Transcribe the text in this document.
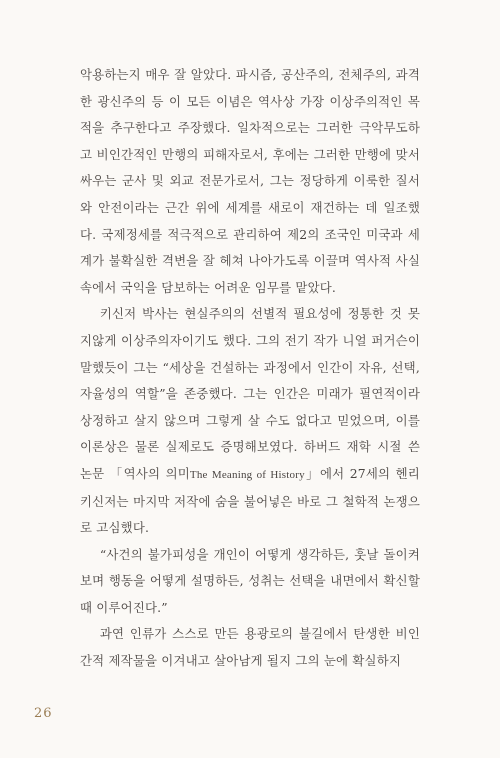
악용하는지 매우 잘 알았다. 파시즘, 공산주의, 전체주의, 과격한 광신주의 등 이 모든 이념은 역사상 가장 이상주의적인 목적을 추구한다고 주장했다. 일차적으로는 그러한 극악무도하고 비인간적인 만행의 피해자로서, 후에는 그러한 만행에 맞서 싸우는 군사 및 외교 전문가로서, 그는 정당하게 이룩한 질서와 안전이라는 근간 위에 세계를 새로이 재건하는 데 일조했다. 국제정세를 적극적으로 관리하여 제2의 조국인 미국과 세계가 불확실한 격변을 잘 헤쳐 나아가도록 이끌며 역사적 사실 속에서 국익을 담보하는 어려운 임무를 맡았다.

키신저 박사는 현실주의의 선별적 필요성에 정통한 것 못지않게 이상주의자이기도 했다. 그의 전기 작가 니얼 퍼거슨이 말했듯이 그는 “세상을 건설하는 과정에서 인간이 자유, 선택, 자율성의 역할”을 존중했다. 그는 인간은 미래가 필연적이라 상정하고 살지 않으며 그렇게 살 수도 없다고 믿었으며, 이를 이론상은 물론 실제로도 증명해보였다. 하버드 재학 시절 쓴 논문 「역사의 의미The Meaning of History」에서 27세의 헨리 키신저는 마지막 저작에 숨을 불어넣은 바로 그 철학적 논쟁으로 고심했다.

“사건의 불가피성을 개인이 어떻게 생각하든, 훗날 돌이켜보며 행동을 어떻게 설명하든, 성취는 선택을 내면에서 확신할 때 이루어진다.”

과연 인류가 스스로 만든 용광로의 불길에서 탄생한 비인간적 제작물을 이겨내고 살아남게 될지 그의 눈에 확실하지

26
